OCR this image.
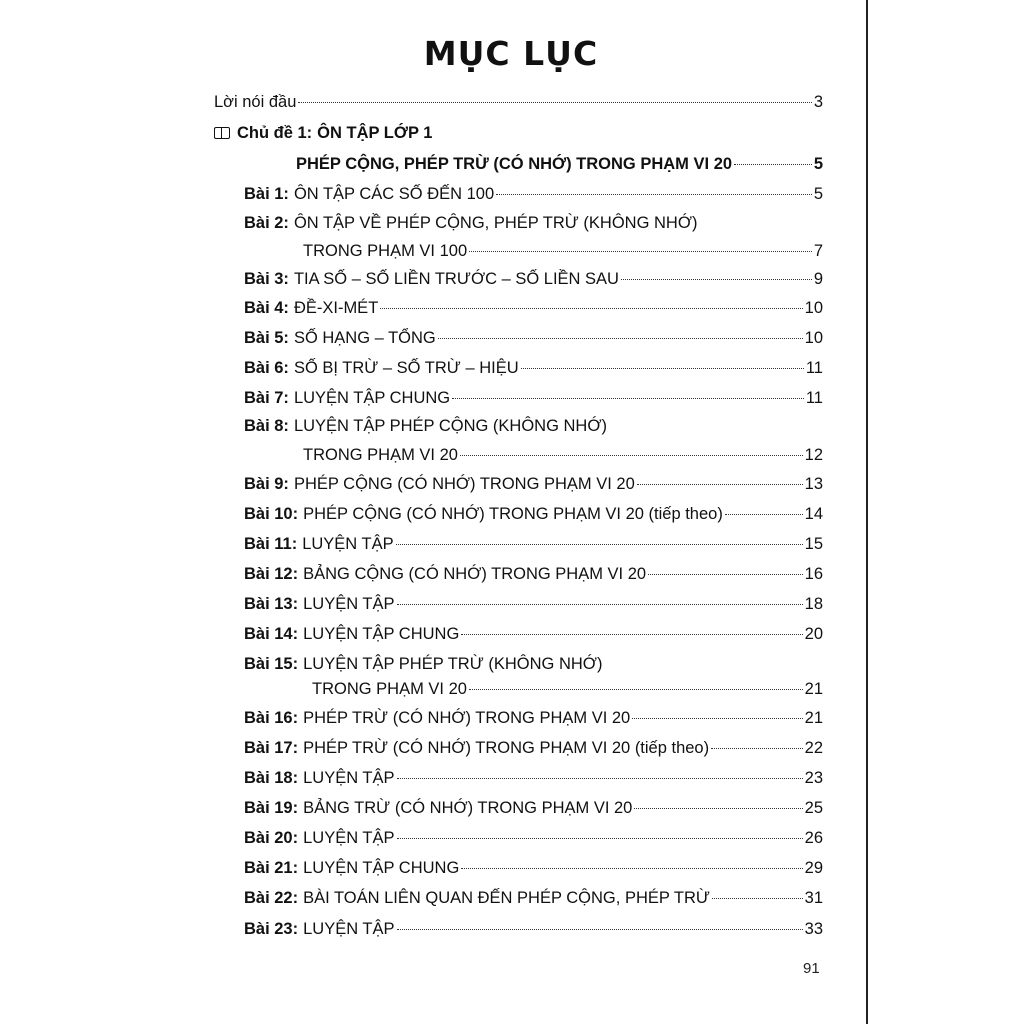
MỤC LỤC
Lời nói đầu	3
Chủ đề 1: ÔN TẬP LỚP 1
PHÉP CỘNG, PHÉP TRỪ (CÓ NHỚ) TRONG PHẠM VI 20	5
Bài 1: ÔN TẬP CÁC SỐ ĐẾN 100	5
Bài 2: ÔN TẬP VỀ PHÉP CỘNG, PHÉP TRỪ (KHÔNG NHỚ)
TRONG PHẠM VI 100	7
Bài 3: TIA SỐ – SỐ LIỀN TRƯỚC – SỐ LIỀN SAU	9
Bài 4: ĐỀ-XI-MÉT	10
Bài 5: SỐ HẠNG – TỔNG	10
Bài 6: SỐ BỊ TRỪ – SỐ TRỪ – HIỆU	11
Bài 7: LUYỆN TẬP CHUNG	11
Bài 8: LUYỆN TẬP PHÉP CỘNG (KHÔNG NHỚ)
TRONG PHẠM VI 20	12
Bài 9: PHÉP CỘNG (CÓ NHỚ) TRONG PHẠM VI 20	13
Bài 10: PHÉP CỘNG (CÓ NHỚ) TRONG PHẠM VI 20 (tiếp theo)	14
Bài 11: LUYỆN TẬP	15
Bài 12: BẢNG CỘNG (CÓ NHỚ) TRONG PHẠM VI 20	16
Bài 13: LUYỆN TẬP	18
Bài 14: LUYỆN TẬP CHUNG	20
Bài 15: LUYỆN TẬP PHÉP TRỪ (KHÔNG NHỚ)
TRONG PHẠM VI 20	21
Bài 16: PHÉP TRỪ (CÓ NHỚ) TRONG PHẠM VI 20	21
Bài 17: PHÉP TRỪ (CÓ NHỚ) TRONG PHẠM VI 20 (tiếp theo)	22
Bài 18: LUYỆN TẬP	23
Bài 19: BẢNG TRỪ (CÓ NHỚ) TRONG PHẠM VI 20	25
Bài 20: LUYỆN TẬP	26
Bài 21: LUYỆN TẬP CHUNG	29
Bài 22: BÀI TOÁN LIÊN QUAN ĐẾN PHÉP CỘNG, PHÉP TRỪ	31
Bài 23: LUYỆN TẬP	33
91
